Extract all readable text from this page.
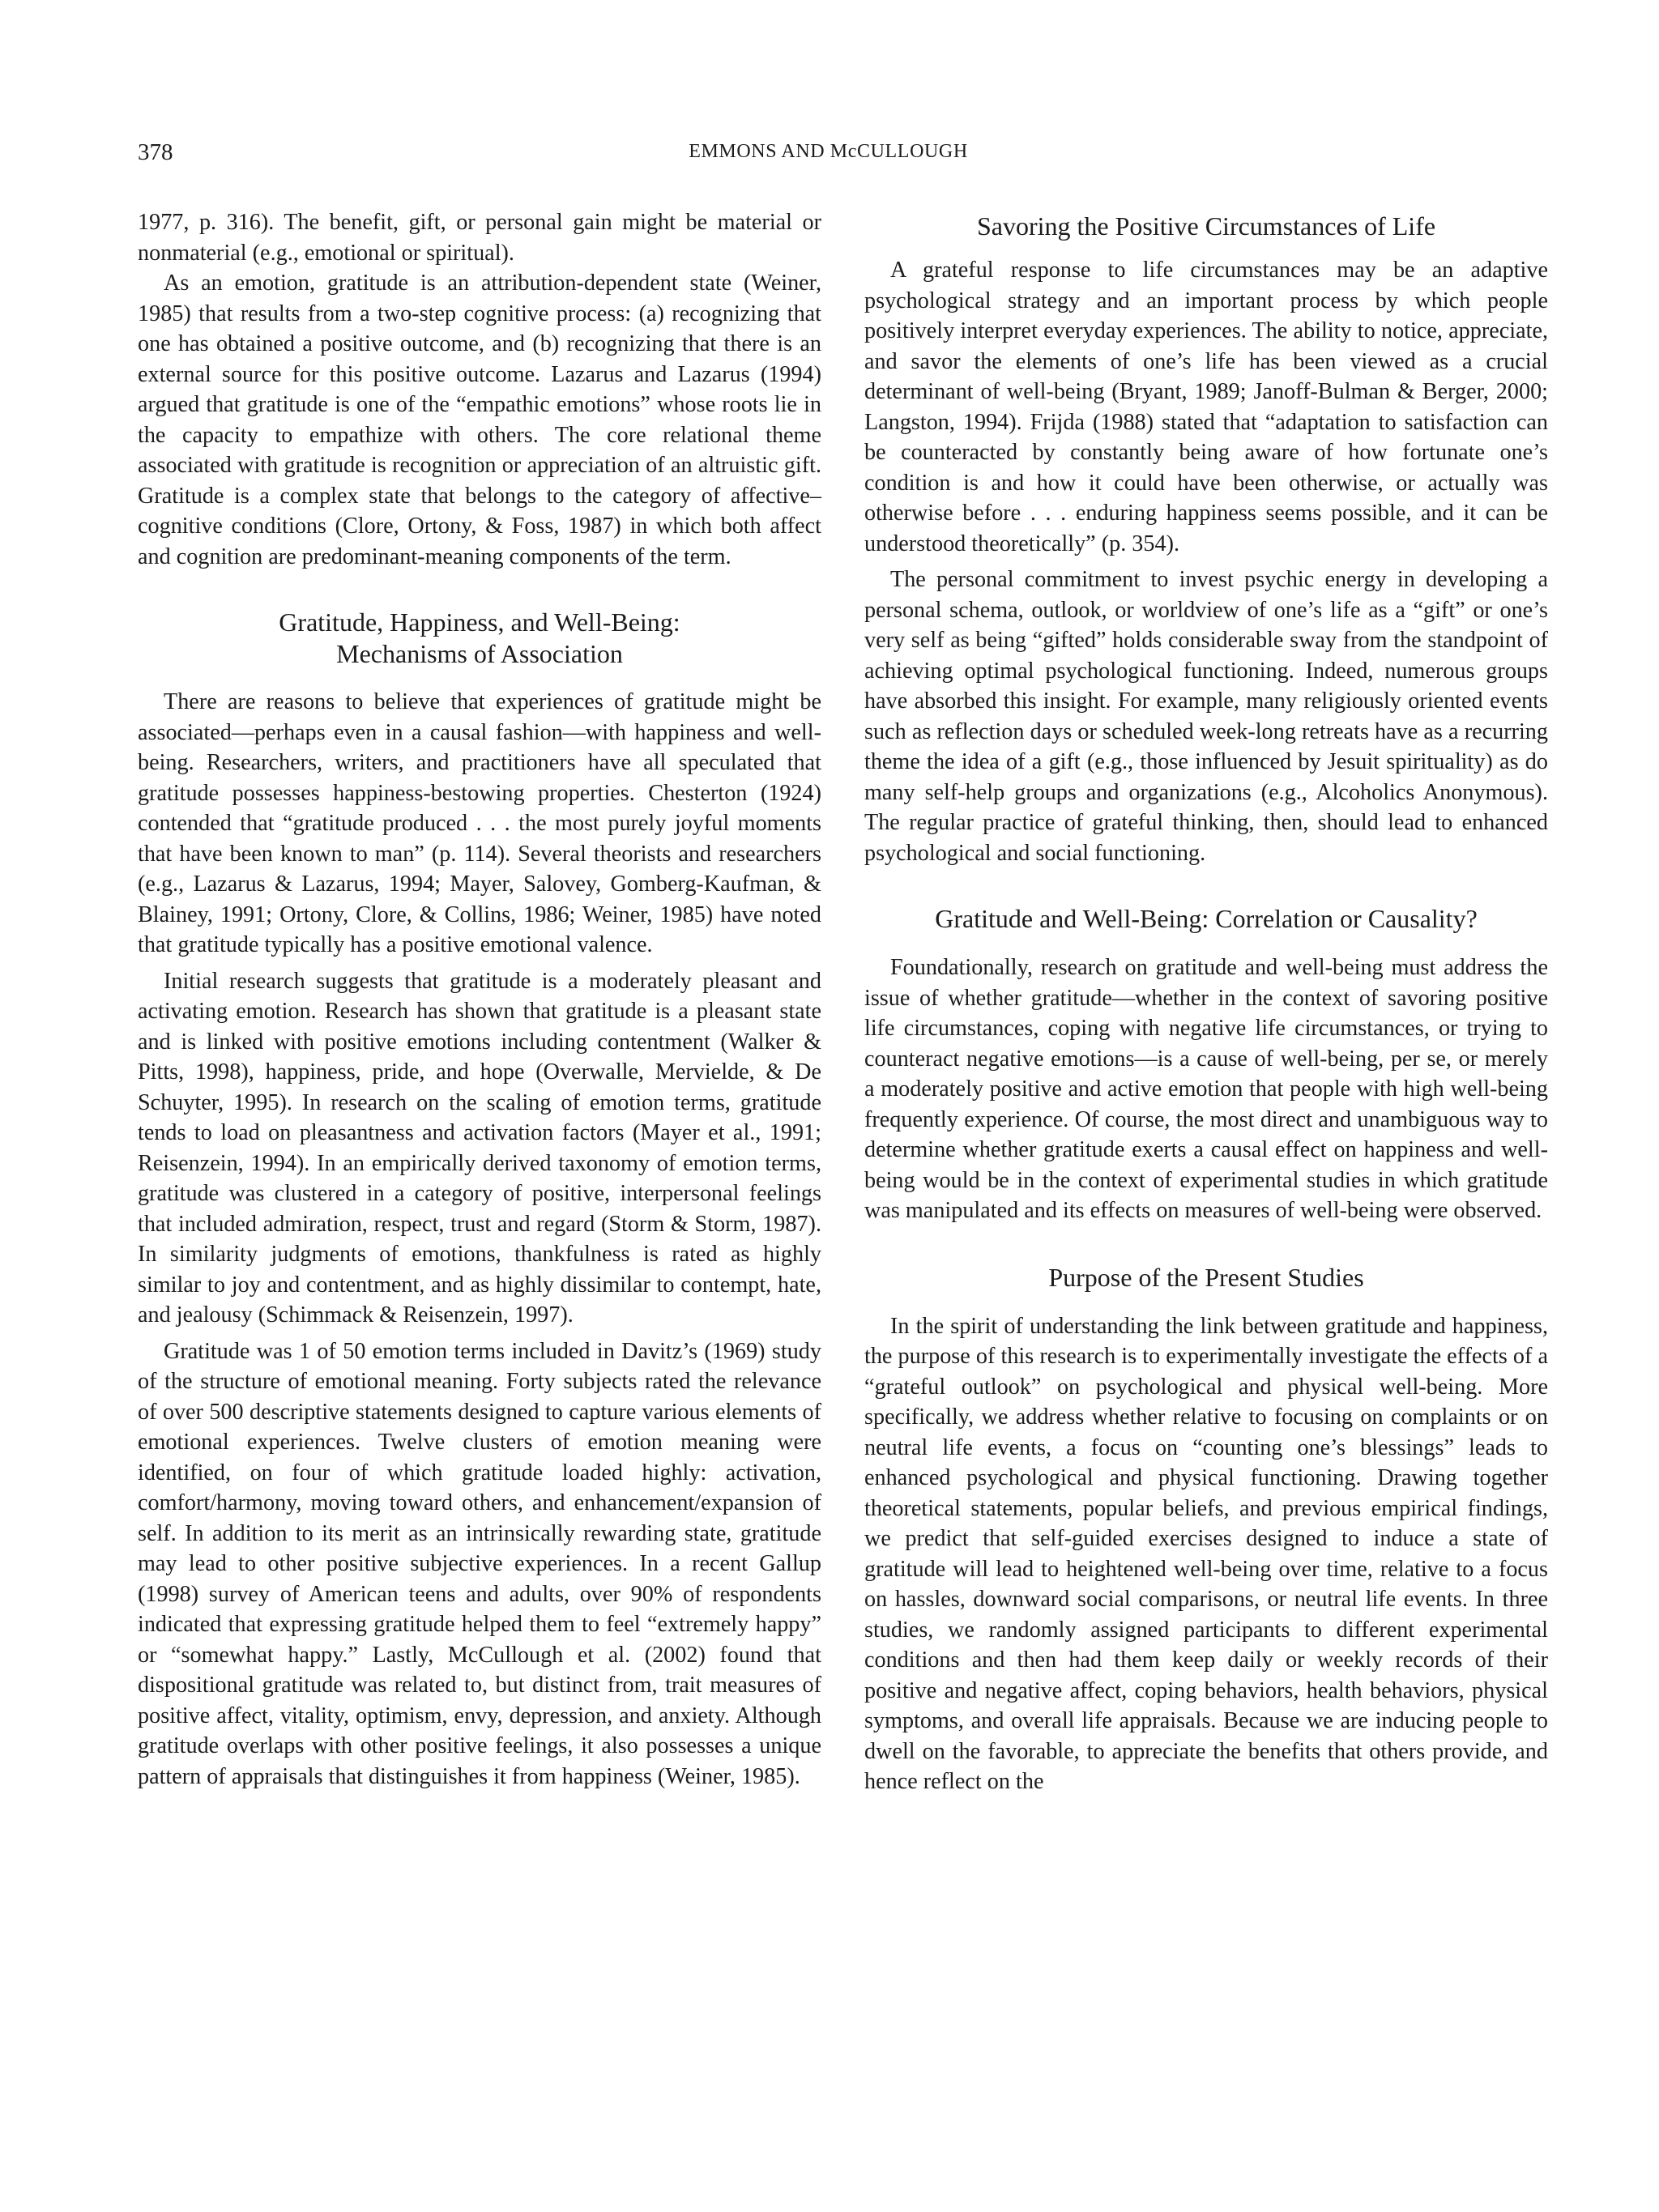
378	EMMONS AND McCULLOUGH

1977, p. 316). The benefit, gift, or personal gain might be material or nonmaterial (e.g., emotional or spiritual).

As an emotion, gratitude is an attribution-dependent state (Weiner, 1985) that results from a two-step cognitive process: (a) recognizing that one has obtained a positive outcome, and (b) recognizing that there is an external source for this positive outcome. Lazarus and Lazarus (1994) argued that gratitude is one of the “empathic emotions” whose roots lie in the capacity to empathize with others. The core relational theme associated with gratitude is recognition or appreciation of an altruistic gift. Gratitude is a complex state that belongs to the category of affective–cognitive conditions (Clore, Ortony, & Foss, 1987) in which both affect and cognition are predominant-meaning components of the term.

Gratitude, Happiness, and Well-Being:
Mechanisms of Association

There are reasons to believe that experiences of gratitude might be associated—perhaps even in a causal fashion—with happiness and well-being. Researchers, writers, and practitioners have all speculated that gratitude possesses happiness-bestowing properties. Chesterton (1924) contended that “gratitude produced . . . the most purely joyful moments that have been known to man” (p. 114). Several theorists and researchers (e.g., Lazarus & Lazarus, 1994; Mayer, Salovey, Gomberg-Kaufman, & Blainey, 1991; Ortony, Clore, & Collins, 1986; Weiner, 1985) have noted that gratitude typically has a positive emotional valence.

Initial research suggests that gratitude is a moderately pleasant and activating emotion. Research has shown that gratitude is a pleasant state and is linked with positive emotions including contentment (Walker & Pitts, 1998), happiness, pride, and hope (Overwalle, Mervielde, & De Schuyter, 1995). In research on the scaling of emotion terms, gratitude tends to load on pleasantness and activation factors (Mayer et al., 1991; Reisenzein, 1994). In an empirically derived taxonomy of emotion terms, gratitude was clustered in a category of positive, interpersonal feelings that included admiration, respect, trust and regard (Storm & Storm, 1987). In similarity judgments of emotions, thankfulness is rated as highly similar to joy and contentment, and as highly dissimilar to contempt, hate, and jealousy (Schimmack & Reisenzein, 1997).

Gratitude was 1 of 50 emotion terms included in Davitz’s (1969) study of the structure of emotional meaning. Forty subjects rated the relevance of over 500 descriptive statements designed to capture various elements of emotional experiences. Twelve clusters of emotion meaning were identified, on four of which gratitude loaded highly: activation, comfort/harmony, moving toward others, and enhancement/expansion of self. In addition to its merit as an intrinsically rewarding state, gratitude may lead to other positive subjective experiences. In a recent Gallup (1998) survey of American teens and adults, over 90% of respondents indicated that expressing gratitude helped them to feel “extremely happy” or “somewhat happy.” Lastly, McCullough et al. (2002) found that dispositional gratitude was related to, but distinct from, trait measures of positive affect, vitality, optimism, envy, depression, and anxiety. Although gratitude overlaps with other positive feelings, it also possesses a unique pattern of appraisals that distinguishes it from happiness (Weiner, 1985).

Savoring the Positive Circumstances of Life

A grateful response to life circumstances may be an adaptive psychological strategy and an important process by which people positively interpret everyday experiences. The ability to notice, appreciate, and savor the elements of one’s life has been viewed as a crucial determinant of well-being (Bryant, 1989; Janoff-Bulman & Berger, 2000; Langston, 1994). Frijda (1988) stated that “adaptation to satisfaction can be counteracted by constantly being aware of how fortunate one’s condition is and how it could have been otherwise, or actually was otherwise before . . . enduring happiness seems possible, and it can be understood theoretically” (p. 354).

The personal commitment to invest psychic energy in developing a personal schema, outlook, or worldview of one’s life as a “gift” or one’s very self as being “gifted” holds considerable sway from the standpoint of achieving optimal psychological functioning. Indeed, numerous groups have absorbed this insight. For example, many religiously oriented events such as reflection days or scheduled week-long retreats have as a recurring theme the idea of a gift (e.g., those influenced by Jesuit spirituality) as do many self-help groups and organizations (e.g., Alcoholics Anonymous). The regular practice of grateful thinking, then, should lead to enhanced psychological and social functioning.

Gratitude and Well-Being: Correlation or Causality?

Foundationally, research on gratitude and well-being must address the issue of whether gratitude—whether in the context of savoring positive life circumstances, coping with negative life circumstances, or trying to counteract negative emotions—is a cause of well-being, per se, or merely a moderately positive and active emotion that people with high well-being frequently experience. Of course, the most direct and unambiguous way to determine whether gratitude exerts a causal effect on happiness and well-being would be in the context of experimental studies in which gratitude was manipulated and its effects on measures of well-being were observed.

Purpose of the Present Studies

In the spirit of understanding the link between gratitude and happiness, the purpose of this research is to experimentally investigate the effects of a “grateful outlook” on psychological and physical well-being. More specifically, we address whether relative to focusing on complaints or on neutral life events, a focus on “counting one’s blessings” leads to enhanced psychological and physical functioning. Drawing together theoretical statements, popular beliefs, and previous empirical findings, we predict that self-guided exercises designed to induce a state of gratitude will lead to heightened well-being over time, relative to a focus on hassles, downward social comparisons, or neutral life events. In three studies, we randomly assigned participants to different experimental conditions and then had them keep daily or weekly records of their positive and negative affect, coping behaviors, health behaviors, physical symptoms, and overall life appraisals. Because we are inducing people to dwell on the favorable, to appreciate the benefits that others provide, and hence reflect on the
